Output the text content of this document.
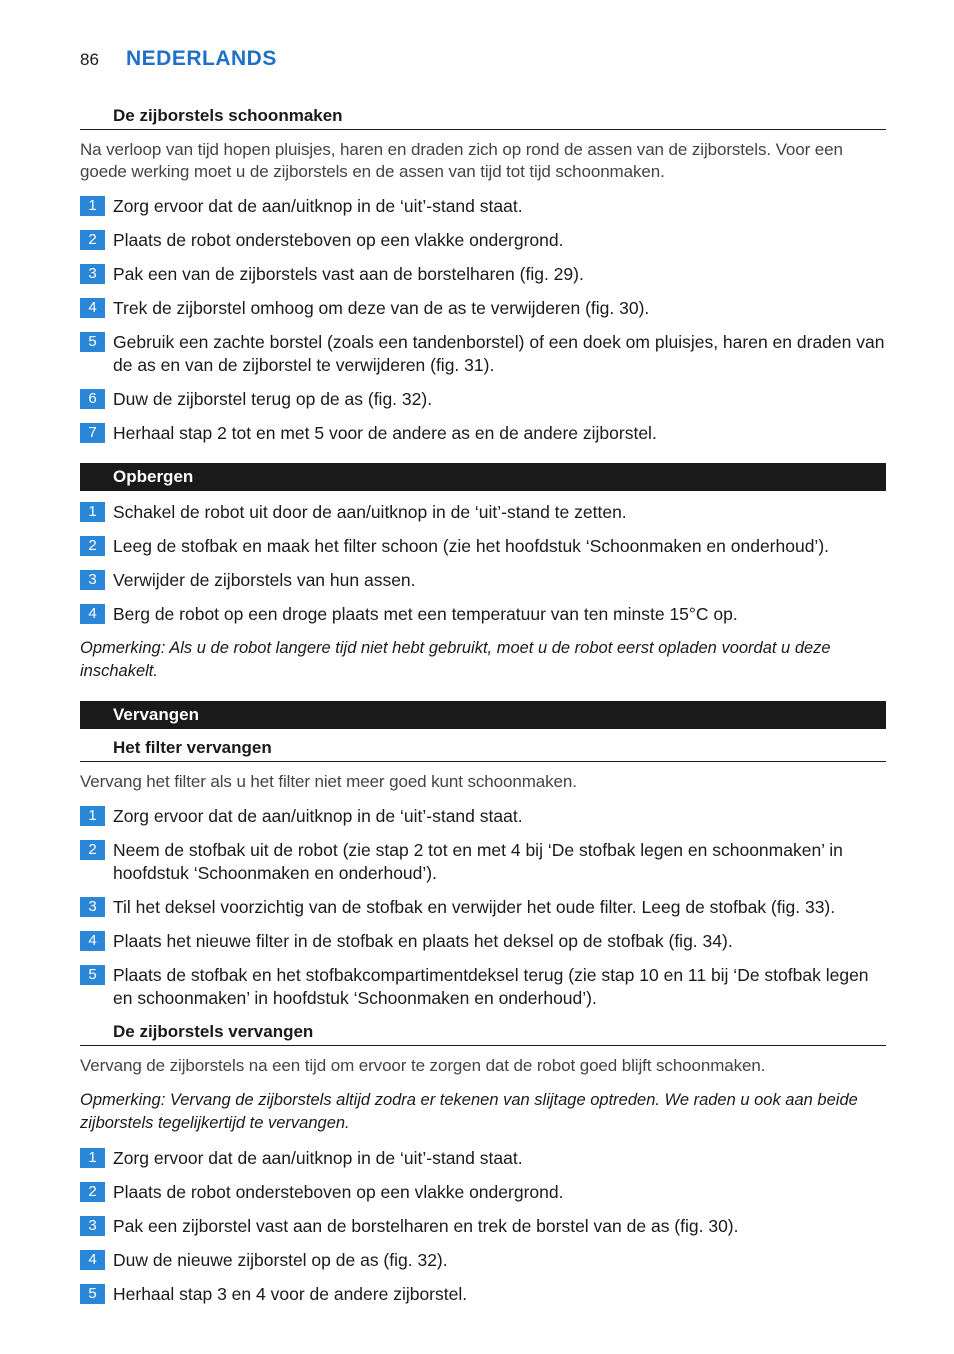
86 NEDERLANDS
De zijborstels schoonmaken
Na verloop van tijd hopen pluisjes, haren en draden zich op rond de assen van de zijborstels. Voor een goede werking moet u de zijborstels en de assen van tijd tot tijd schoonmaken.
1 Zorg ervoor dat de aan/uitknop in de ‘uit’-stand staat.
2 Plaats de robot ondersteboven op een vlakke ondergrond.
3 Pak een van de zijborstels vast aan de borstelharen (fig. 29).
4 Trek de zijborstel omhoog om deze van de as te verwijderen (fig. 30).
5 Gebruik een zachte borstel (zoals een tandenborstel) of een doek om pluisjes, haren en draden van de as en van de zijborstel te verwijderen (fig. 31).
6 Duw de zijborstel terug op de as (fig. 32).
7 Herhaal stap 2 tot en met 5 voor de andere as en de andere zijborstel.
Opbergen
1 Schakel de robot uit door de aan/uitknop in de ‘uit’-stand te zetten.
2 Leeg de stofbak en maak het filter schoon (zie het hoofdstuk ‘Schoonmaken en onderhoud’).
3 Verwijder de zijborstels van hun assen.
4 Berg de robot op een droge plaats met een temperatuur van ten minste 15°C op.
Opmerking: Als u de robot langere tijd niet hebt gebruikt, moet u de robot eerst opladen voordat u deze inschakelt.
Vervangen
Het filter vervangen
Vervang het filter als u het filter niet meer goed kunt schoonmaken.
1 Zorg ervoor dat de aan/uitknop in de ‘uit’-stand staat.
2 Neem de stofbak uit de robot (zie stap 2 tot en met 4 bij ‘De stofbak legen en schoonmaken’ in hoofdstuk ‘Schoonmaken en onderhoud’).
3 Til het deksel voorzichtig van de stofbak en verwijder het oude filter. Leeg de stofbak (fig. 33).
4 Plaats het nieuwe filter in de stofbak en plaats het deksel op de stofbak (fig. 34).
5 Plaats de stofbak en het stofbakcompartimentdeksel terug (zie stap 10 en 11 bij ‘De stofbak legen en schoonmaken’ in hoofdstuk ‘Schoonmaken en onderhoud’).
De zijborstels vervangen
Vervang de zijborstels na een tijd om ervoor te zorgen dat de robot goed blijft schoonmaken.
Opmerking: Vervang de zijborstels altijd zodra er tekenen van slijtage optreden. We raden u ook aan beide zijborstels tegelijkertijd te vervangen.
1 Zorg ervoor dat de aan/uitknop in de ‘uit’-stand staat.
2 Plaats de robot ondersteboven op een vlakke ondergrond.
3 Pak een zijborstel vast aan de borstelharen en trek de borstel van de as (fig. 30).
4 Duw de nieuwe zijborstel op de as (fig. 32).
5 Herhaal stap 3 en 4 voor de andere zijborstel.
